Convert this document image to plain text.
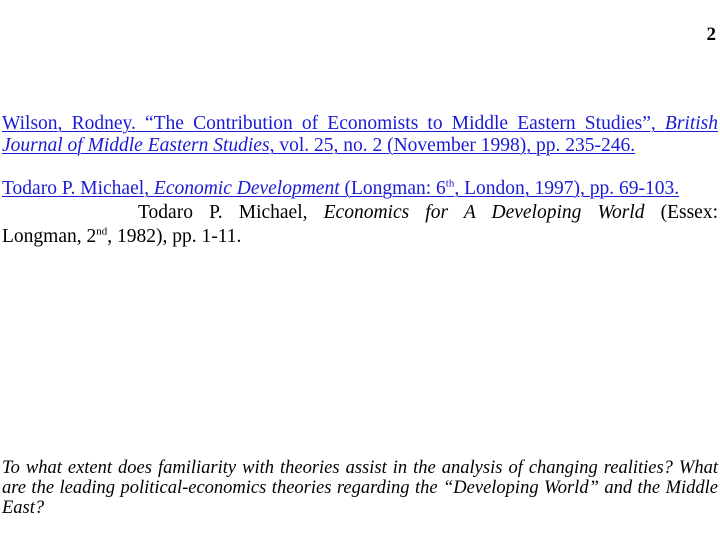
2
Wilson, Rodney. “The Contribution of Economists to Middle Eastern Studies”, British
Journal of Middle Eastern Studies, vol. 25, no. 2 (November 1998), pp. 235-246.
Todaro P. Michael, Economic Development (Longman: 6th, London, 1997), pp. 69-103.
Todaro P. Michael, Economics for A Developing World (Essex:
Longman, 2nd, 1982), pp. 1-11.
To what extent does familiarity with theories assist in the analysis of changing realities? What are the leading political-economics theories regarding the “Developing World” and the Middle East?
